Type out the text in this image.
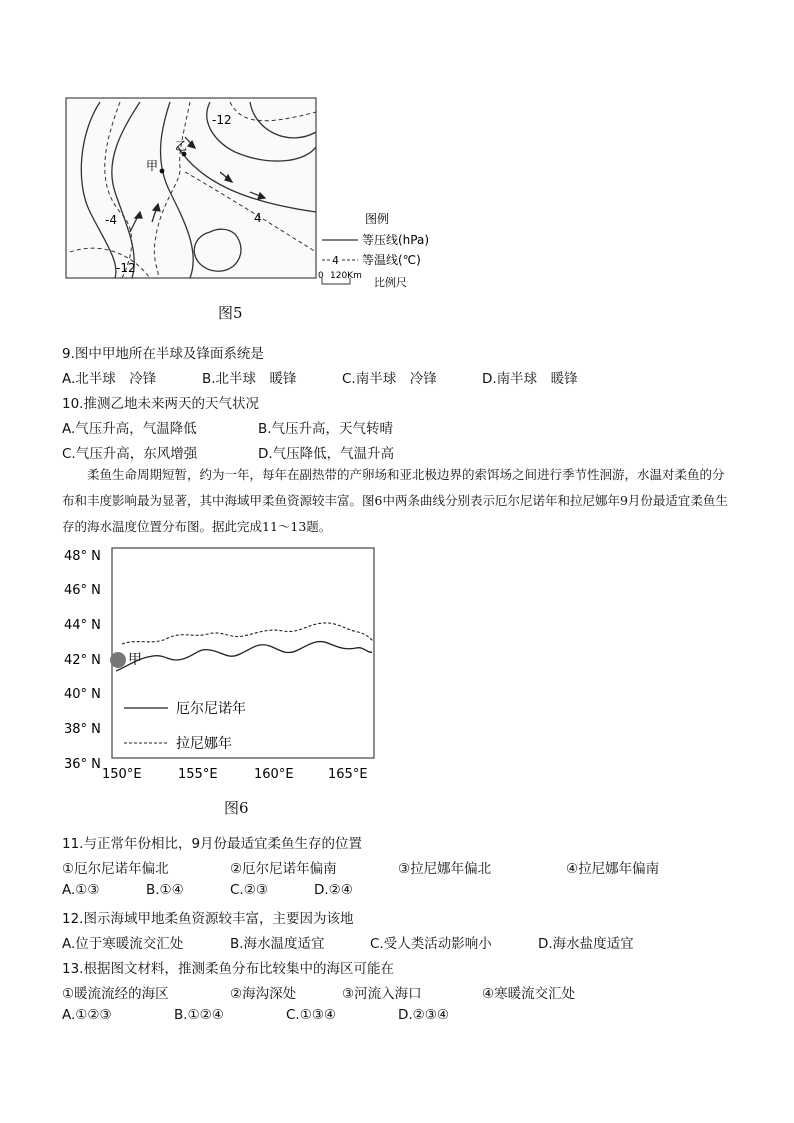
甲
乙
-12
-4
-12
4	图例
等压线(hPa)
4 等温线(℃)
0 120Km 比例尺
图5
9.图中甲地所在半球及锋面系统是
A.北半球　冷锋	B.北半球　暖锋	C.南半球　冷锋	D.南半球　暖锋
10.推测乙地未来两天的天气状况
A.气压升高，气温降低	B.气压升高，天气转晴
C.气压升高，东风增强	D.气压降低，气温升高
柔鱼生命周期短暂，约为一年，每年在副热带的产卵场和亚北极边界的索饵场之间进行季节性洄游，水温对柔鱼的分布和丰度影响最为显著，其中海域甲柔鱼资源较丰富。图6中两条曲线分别表示厄尔尼诺年和拉尼娜年9月份最适宜柔鱼生存的海水温度位置分布图。据此完成11～13题。
48° N
46° N
44° N
42° N
40° N
38° N
36° N
150°E	155°E	160°E	165°E
甲
厄尔尼诺年
拉尼娜年
图6
11.与正常年份相比，9月份最适宜柔鱼生存的位置
①厄尔尼诺年偏北	②厄尔尼诺年偏南	③拉尼娜年偏北	④拉尼娜年偏南
A.①③	B.①④	C.②③	D.②④
12.图示海域甲地柔鱼资源较丰富，主要因为该地
A.位于寒暖流交汇处	B.海水温度适宜	C.受人类活动影响小	D.海水盐度适宜
13.根据图文材料，推测柔鱼分布比较集中的海区可能在
①暖流流经的海区	②海沟深处	③河流入海口	④寒暖流交汇处
A.①②③	B.①②④	C.①③④	D.②③④
